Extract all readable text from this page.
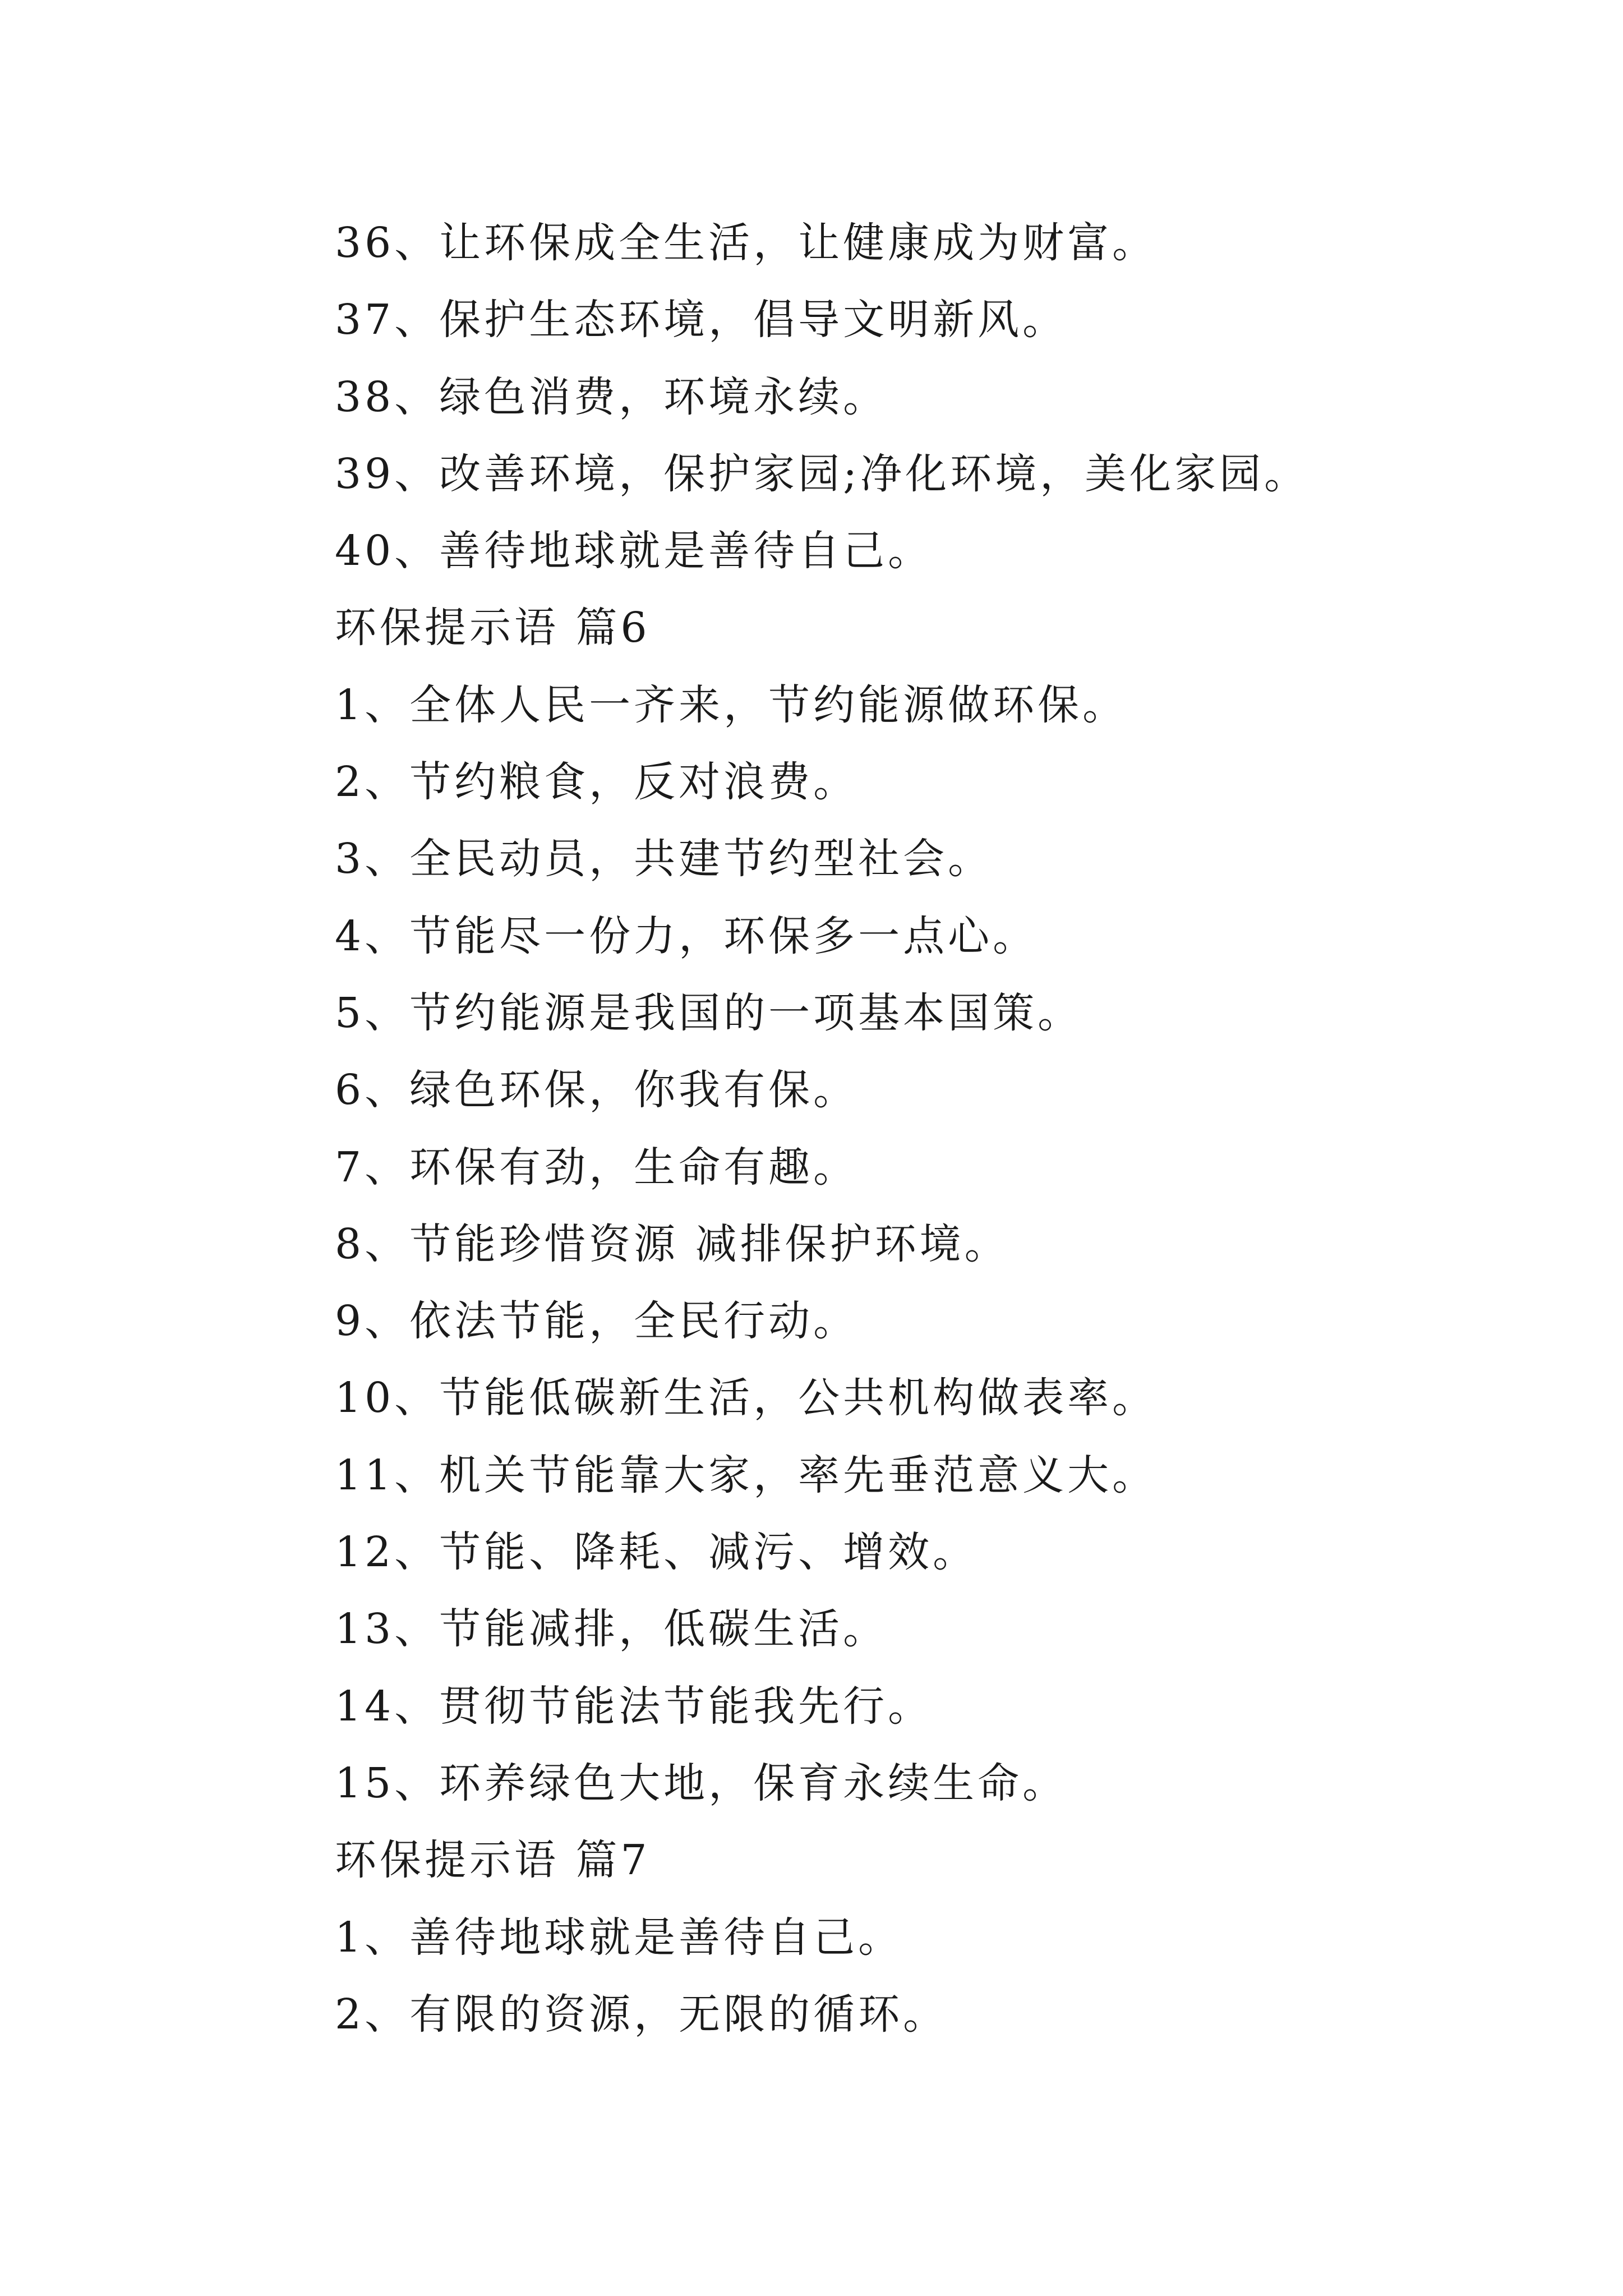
36、让环保成全生活，让健康成为财富。
37、保护生态环境，倡导文明新风。
38、绿色消费，环境永续。
39、改善环境，保护家园;净化环境，美化家园。
40、善待地球就是善待自己。
环保提示语 篇6
1、全体人民一齐来，节约能源做环保。
2、节约粮食，反对浪费。
3、全民动员，共建节约型社会。
4、节能尽一份力，环保多一点心。
5、节约能源是我国的一项基本国策。
6、绿色环保，你我有保。
7、环保有劲，生命有趣。
8、节能珍惜资源 减排保护环境。
9、依法节能，全民行动。
10、节能低碳新生活，公共机构做表率。
11、机关节能靠大家，率先垂范意义大。
12、节能、降耗、减污、增效。
13、节能减排，低碳生活。
14、贯彻节能法节能我先行。
15、环养绿色大地，保育永续生命。
环保提示语 篇7
1、善待地球就是善待自己。
2、有限的资源，无限的循环。
